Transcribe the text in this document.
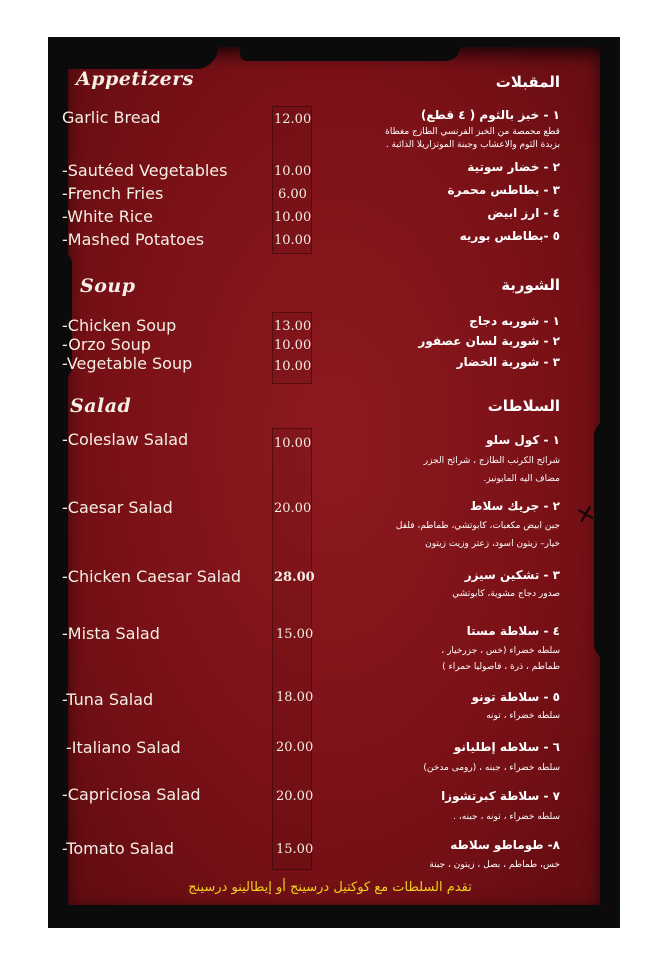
✕
Appetizers	المقبلات
Soup	الشوربة
Salad	السلاطات
Garlic Bread	12.00	١ - خبز بالثوم ( ٤ قطع)
قطع محمصة من الخبز الفرنسي الطازج مغطاة
بزبدة الثوم والاعشاب وجبنة الموتزاريلا الذائبة .
-Sautéed Vegetables	10.00	٢ - خضار سوتية
-French Fries	6.00	٣ - بطاطس محمرة
-White Rice	10.00	٤ - ارز ابيض
-Mashed Potatoes	10.00	٥ -بطاطس بوريه
-Chicken Soup	13.00	١ - شوربه دجاج
-Orzo Soup	10.00	٢ - شوربة لسان عصفور
-Vegetable Soup	10.00	٣ - شوربة الخضار
-Coleslaw Salad	10.00	١ - كول سلو
شرائح الكرنب الطازج ، شرائح الجزر
مضاف اليه المايونيز.
-Caesar Salad	20.00	٢ - جريك سلاط
جبن ابيض مكعبات، كابوتشي، طماطم، فلفل
خيار– زيتون اسود، زعتر وزيت زيتون
-Chicken Caesar Salad	28.00	٣ - تشكين سيزر
صدور دجاج مشوية، كابوتشي
-Mista Salad	15.00	٤ - سلاطة مستا
سلطه خضراء (خس ، جزرخيار ،
طماطم ، ذرة ، فاصوليا حمراء )
-Tuna Salad	18.00	٥ - سلاطة تونو
سلطه خضراء ، تونه
-Italiano Salad	20.00	٦ - سلاطه إطليانو
سلطه خضراء ، جبنه ، (رومى مدخن)
-Capriciosa Salad	20.00	٧ - سلاطة كبرتشوزا
سلطه خضراء ، تونه ، جبنه، .
-Tomato Salad	15.00	٨- طوماطو سلاطه
خس، طماطم ، بصل ، زيتون ، جبنة
تقدم السلطات مع كوكتيل درسينج أو إيطالينو درسينج
